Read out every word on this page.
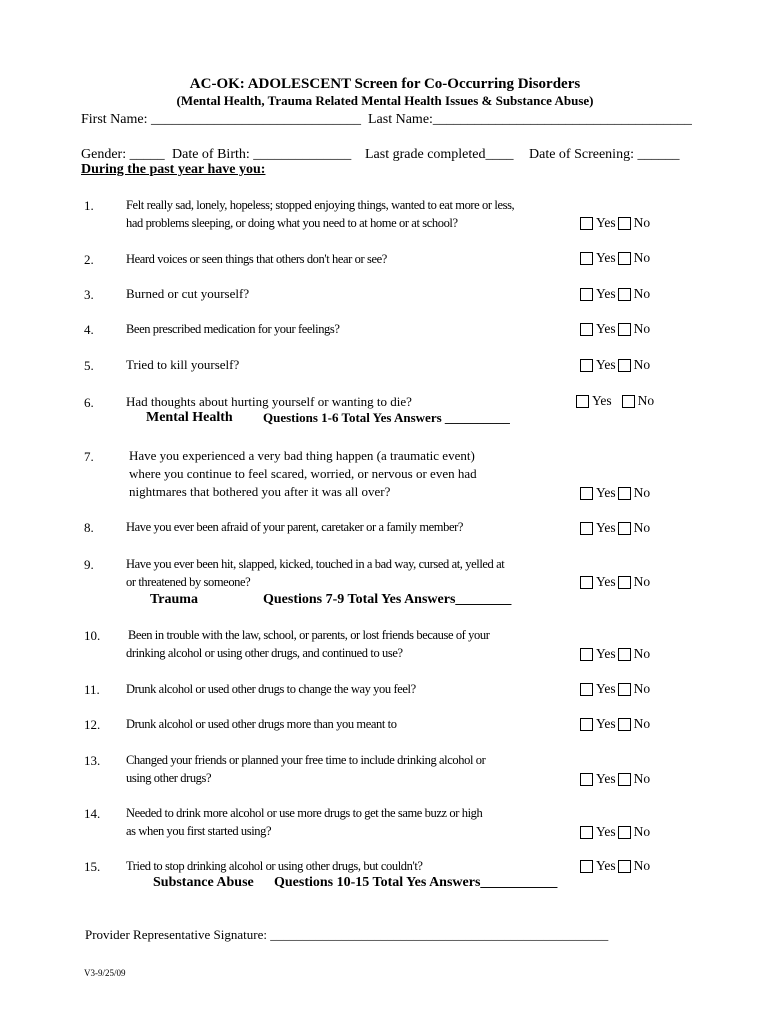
AC-OK: ADOLESCENT Screen for Co-Occurring Disorders
(Mental Health, Trauma Related Mental Health Issues & Substance Abuse)
First Name: ______________________________ Last Name:_____________________________________
Gender: _____ Date of Birth: ______________ Last grade completed____ Date of Screening: ______
During the past year have you:
1.	Felt really sad, lonely, hopeless; stopped enjoying things, wanted to eat more or less,
had problems sleeping, or doing what you need to at home or at school?	Yes No
2.	Heard voices or seen things that others don't hear or see?	Yes No
3. Burned or cut yourself?	Yes No
4.	Been prescribed medication for your feelings?	Yes No
5. Tried to kill yourself?	Yes No
6. Had thoughts about hurting yourself or wanting to die?	Yes No
Mental Health Questions 1-6 Total Yes Answers __________
7.	Have you experienced a very bad thing happen (a traumatic event)
where you continue to feel scared, worried, or nervous or even had
nightmares that bothered you after it was all over?	Yes No
8.	Have you ever been afraid of your parent, caretaker or a family member?	Yes No
9.	Have you ever been hit, slapped, kicked, touched in a bad way, cursed at, yelled at
or threatened by someone?	Yes No
Trauma	Questions 7-9 Total Yes Answers________
10. Been in trouble with the law, school, or parents, or lost friends because of your
drinking alcohol or using other drugs, and continued to use?	Yes No
11. Drunk alcohol or used other drugs to change the way you feel?	Yes No
12. Drunk alcohol or used other drugs more than you meant to	Yes No
13. Changed your friends or planned your free time to include drinking alcohol or
using other drugs?	Yes No
14. Needed to drink more alcohol or use more drugs to get the same buzz or high
as when you first started using?	Yes No
15. Tried to stop drinking alcohol or using other drugs, but couldn't?	Yes No
Substance Abuse Questions 10-15 Total Yes Answers___________
Provider Representative Signature: ____________________________________________________
V3-9/25/09
